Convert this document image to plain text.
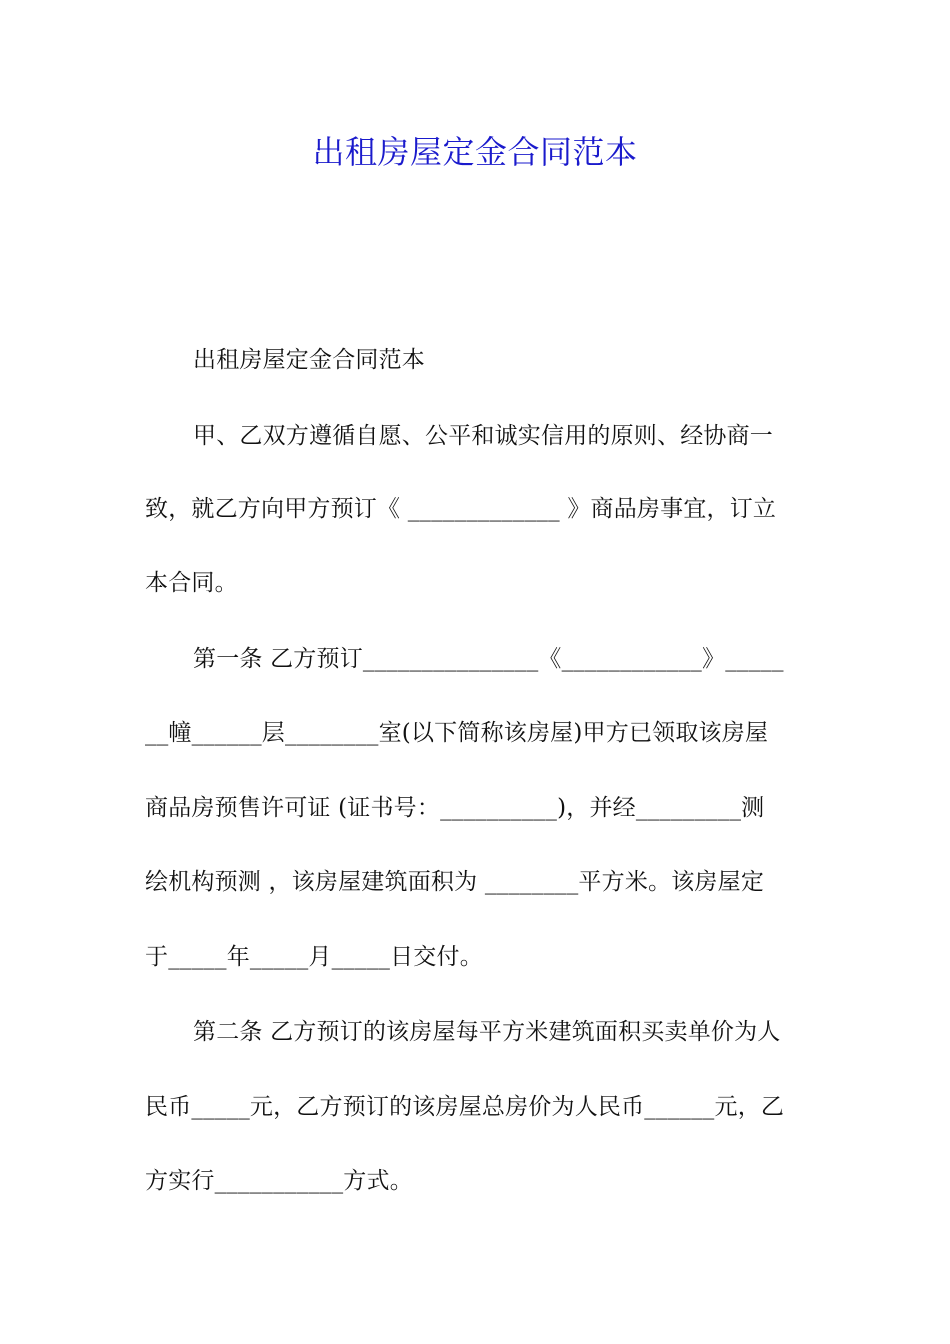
出租房屋定金合同范本
出租房屋定金合同范本
甲、乙双方遵循自愿、公平和诚实信用的原则、经协商一
致，就乙方向甲方预订《 _____________ 》商品房事宜，订立
本合同。
第一条 乙方预订_______________《____________》_____
__幢______层________室(以下简称该房屋)甲方已领取该房屋
商品房预售许可证 (证书号：__________)，并经_________测
绘机构预测 ，该房屋建筑面积为 ________平方米。该房屋定
于_____年_____月_____日交付。
第二条 乙方预订的该房屋每平方米建筑面积买卖单价为人
民币_____元，乙方预订的该房屋总房价为人民币______元，乙
方实行___________方式。
